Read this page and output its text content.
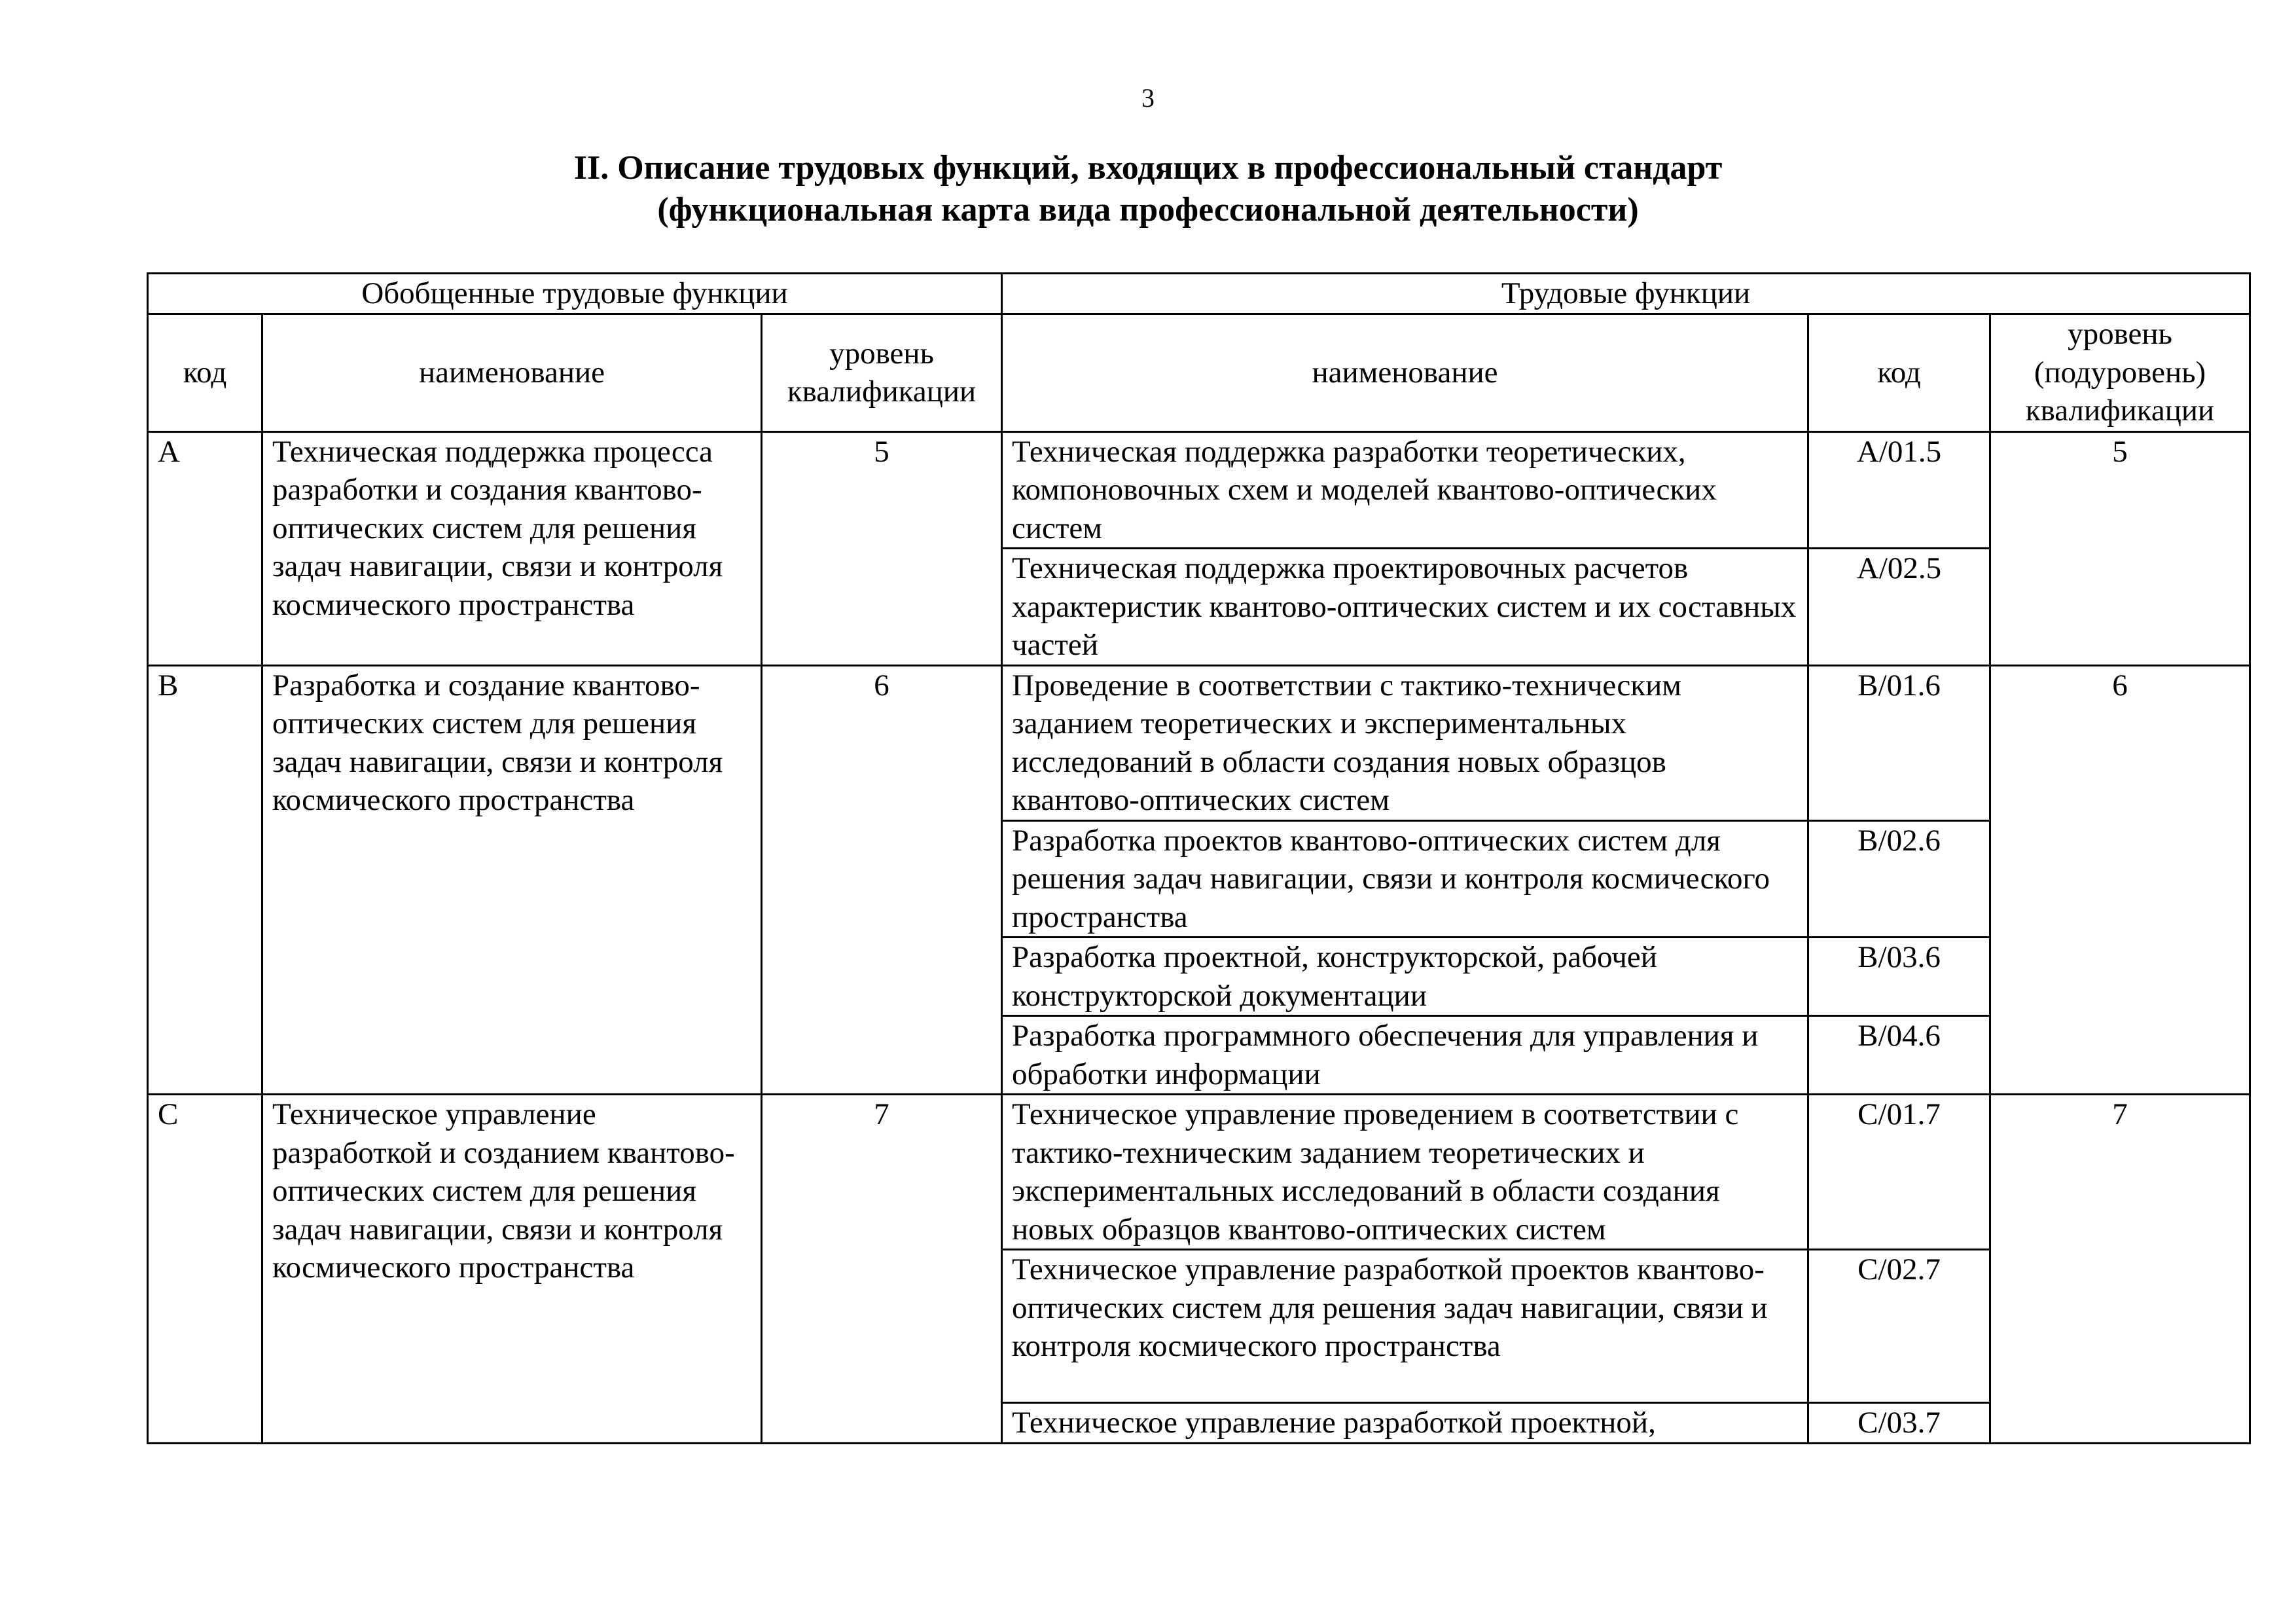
3
II. Описание трудовых функций, входящих в профессиональный стандарт
(функциональная карта вида профессиональной деятельности)
Обобщенные трудовые функции			Трудовые функции		
код	наименование	уровень квалификации	наименование	код	уровень (подуровень) квалификации
A	Техническая поддержка процесса разработки и создания квантово-оптических систем для решения задач навигации, связи и контроля космического пространства	5	Техническая поддержка разработки теоретических, компоновочных схем и моделей квантово-оптических систем	A/01.5	5
			Техническая поддержка проектировочных расчетов характеристик квантово-оптических систем и их составных частей	A/02.5	
B	Разработка и создание квантово-оптических систем для решения задач навигации, связи и контроля космического пространства	6	Проведение в соответствии с тактико-техническим заданием теоретических и экспериментальных исследований в области создания новых образцов квантово-оптических систем	B/01.6	6
			Разработка проектов квантово-оптических систем для решения задач навигации, связи и контроля космического пространства	B/02.6	
			Разработка проектной, конструкторской, рабочей конструкторской документации	B/03.6	
			Разработка программного обеспечения для управления и обработки информации	B/04.6	
C	Техническое управление разработкой и созданием квантово-оптических систем для решения задач навигации, связи и контроля космического пространства	7	Техническое управление проведением в соответствии с тактико-техническим заданием теоретических и экспериментальных исследований в области создания новых образцов квантово-оптических систем	C/01.7	7
			Техническое управление разработкой проектов квантово-оптических систем для решения задач навигации, связи и контроля космического пространства	C/02.7	
			Техническое управление разработкой проектной,	C/03.7	
